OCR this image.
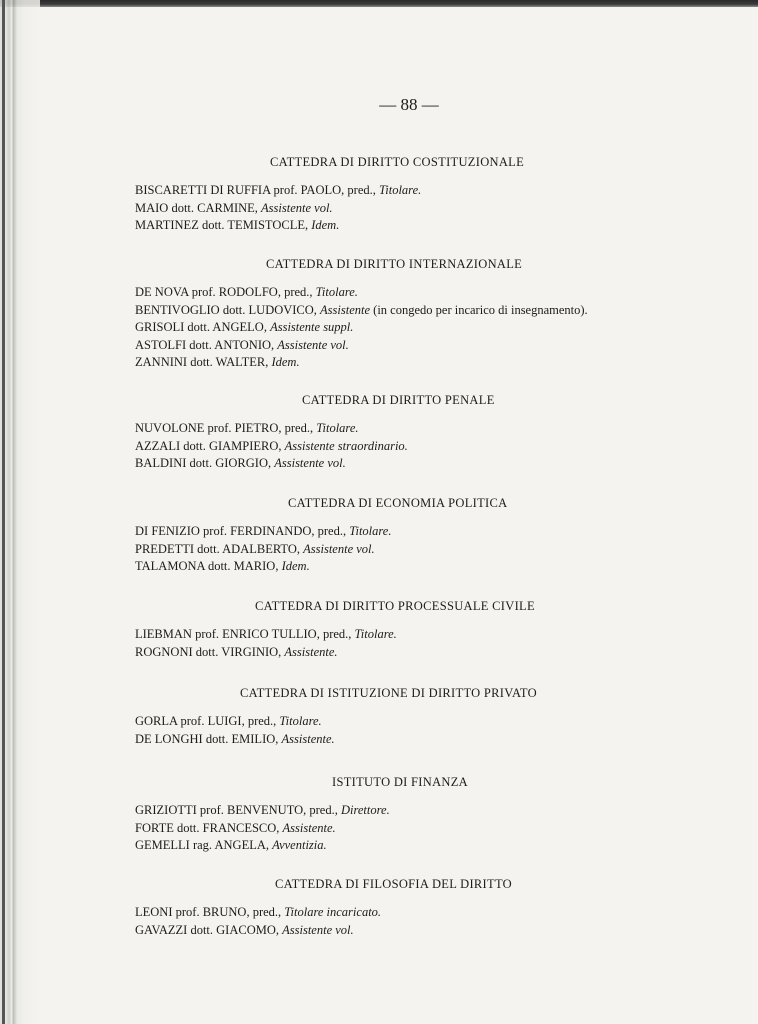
— 88 —
CATTEDRA DI DIRITTO COSTITUZIONALE
BISCARETTI DI RUFFIA prof. PAOLO, pred., Titolare.
MAIO dott. CARMINE, Assistente vol.
MARTINEZ dott. TEMISTOCLE, Idem.
CATTEDRA DI DIRITTO INTERNAZIONALE
DE NOVA prof. RODOLFO, pred., Titolare.
BENTIVOGLIO dott. LUDOVICO, Assistente (in congedo per incarico di insegnamento).
GRISOLI dott. ANGELO, Assistente suppl.
ASTOLFI dott. ANTONIO, Assistente vol.
ZANNINI dott. WALTER, Idem.
CATTEDRA DI DIRITTO PENALE
NUVOLONE prof. PIETRO, pred., Titolare.
AZZALI dott. GIAMPIERO, Assistente straordinario.
BALDINI dott. GIORGIO, Assistente vol.
CATTEDRA DI ECONOMIA POLITICA
DI FENIZIO prof. FERDINANDO, pred., Titolare.
PREDETTI dott. ADALBERTO, Assistente vol.
TALAMONA dott. MARIO, Idem.
CATTEDRA DI DIRITTO PROCESSUALE CIVILE
LIEBMAN prof. ENRICO TULLIO, pred., Titolare.
ROGNONI dott. VIRGINIO, Assistente.
CATTEDRA DI ISTITUZIONE DI DIRITTO PRIVATO
GORLA prof. LUIGI, pred., Titolare.
DE LONGHI dott. EMILIO, Assistente.
ISTITUTO DI FINANZA
GRIZIOTTI prof. BENVENUTO, pred., Direttore.
FORTE dott. FRANCESCO, Assistente.
GEMELLI rag. ANGELA, Avventizia.
CATTEDRA DI FILOSOFIA DEL DIRITTO
LEONI prof. BRUNO, pred., Titolare incaricato.
GAVAZZI dott. GIACOMO, Assistente vol.
